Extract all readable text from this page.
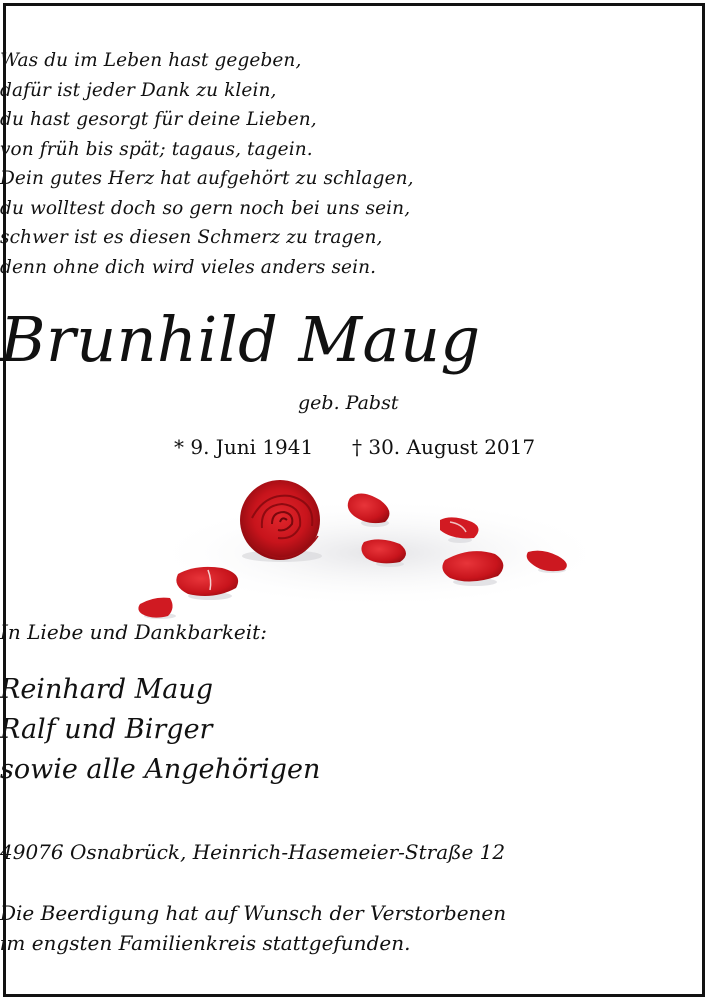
Was du im Leben hast gegeben,
dafür ist jeder Dank zu klein,
du hast gesorgt für deine Lieben,
von früh bis spät; tagaus, tagein.
Dein gutes Herz hat aufgehört zu schlagen,
du wolltest doch so gern noch bei uns sein,
schwer ist es diesen Schmerz zu tragen,
denn ohne dich wird vieles anders sein.
Brunhild Maug
geb. Pabst
* 9. Juni 1941 † 30. August 2017
In Liebe und Dankbarkeit:
Reinhard Maug
Ralf und Birger
sowie alle Angehörigen
49076 Osnabrück, Heinrich-Hasemeier-Straße 12
Die Beerdigung hat auf Wunsch der Verstorbenen
im engsten Familienkreis stattgefunden.
